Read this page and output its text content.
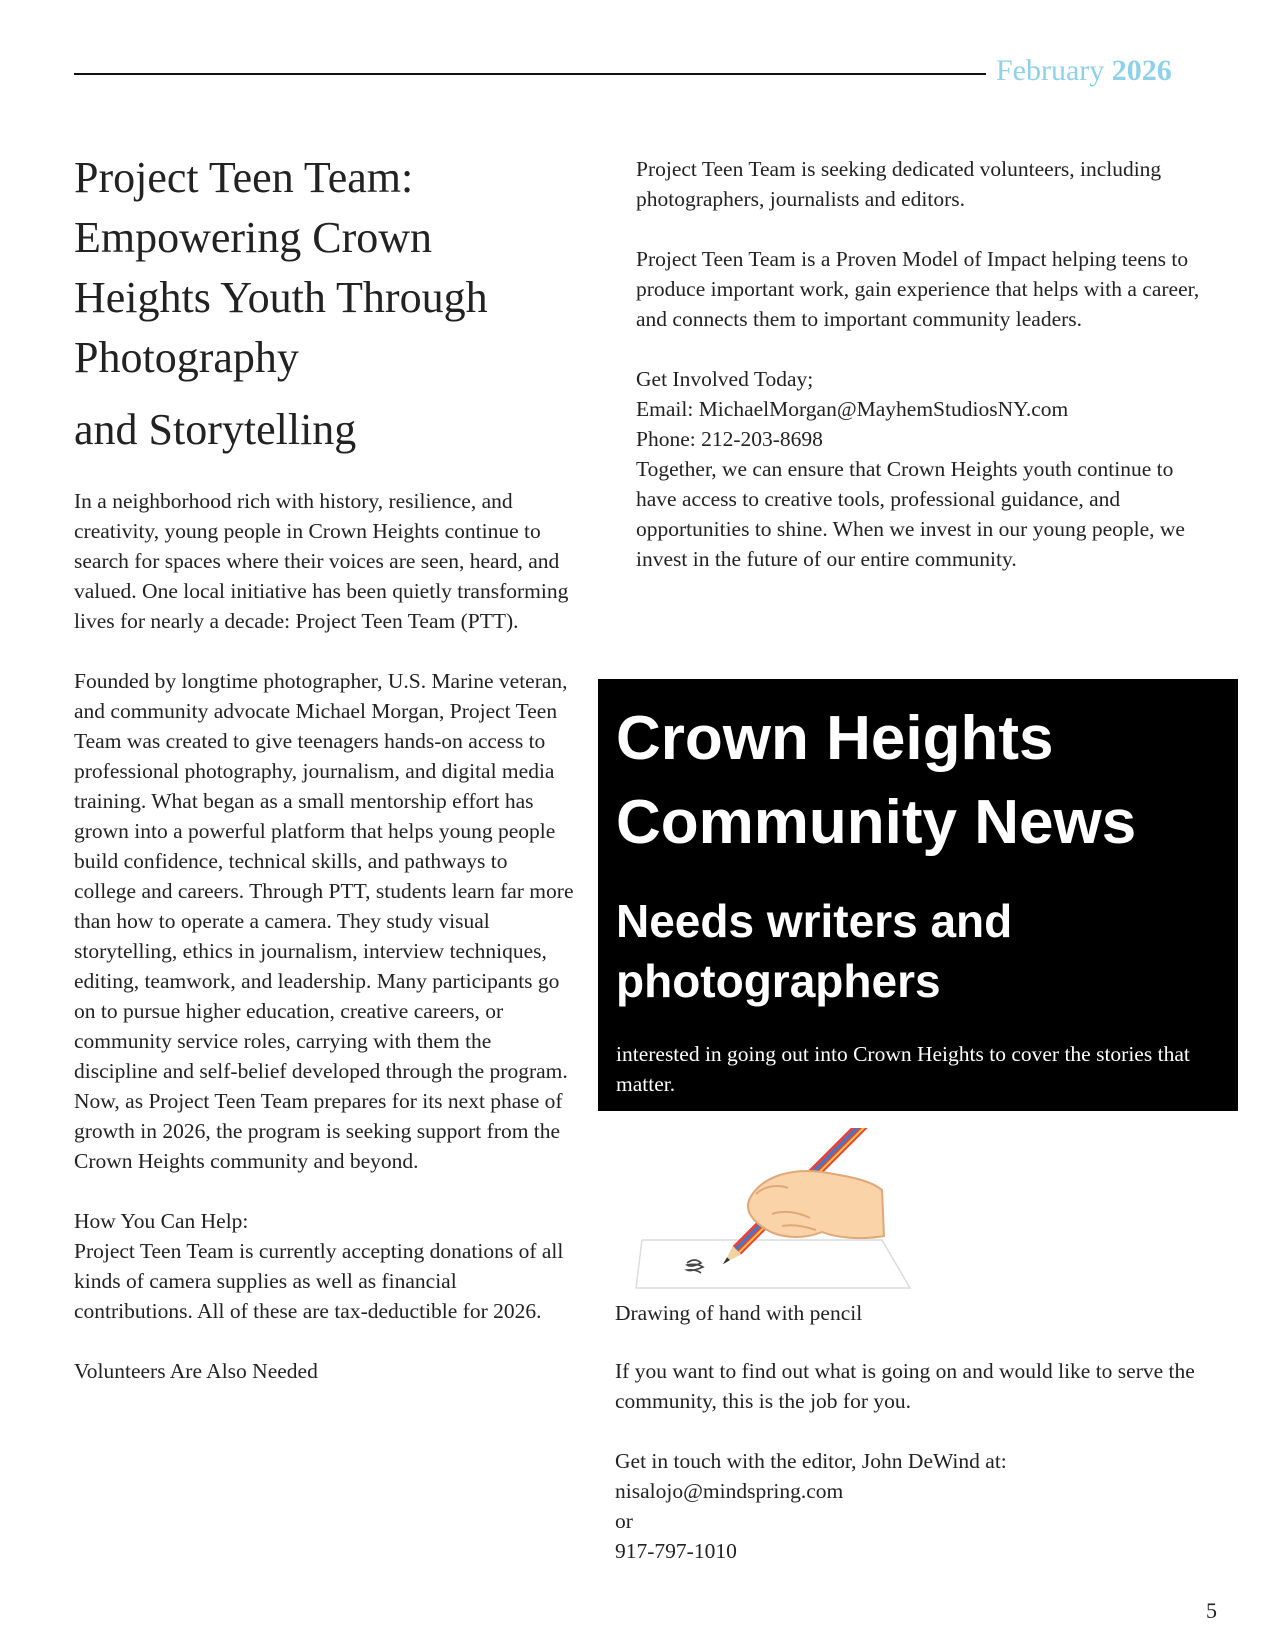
February 2026
Project Teen Team: Empowering Crown Heights Youth Through Photography
and Storytelling

In a neighborhood rich with history, resilience, and creativity, young people in Crown Heights continue to search for spaces where their voices are seen, heard, and valued. One local initiative has been quietly transforming lives for nearly a decade: Project Teen Team (PTT).

Founded by longtime photographer, U.S. Marine veteran, and community advocate Michael Morgan, Project Teen Team was created to give teenagers hands-on access to professional photography, journalism, and digital media training. What began as a small mentorship effort has grown into a powerful platform that helps young people build confidence, technical skills, and pathways to college and careers. Through PTT, students learn far more than how to operate a camera. They study visual storytelling, ethics in journalism, interview techniques, editing, teamwork, and leadership. Many participants go on to pursue higher education, creative careers, or community service roles, carrying with them the discipline and self-belief developed through the program. Now, as Project Teen Team prepares for its next phase of growth in 2026, the program is seeking support from the Crown Heights community and beyond.

How You Can Help:
Project Teen Team is currently accepting donations of all kinds of camera supplies as well as financial contributions. All of these are tax-deductible for 2026.

Volunteers Are Also Needed

Project Teen Team is seeking dedicated volunteers, including photographers, journalists and editors.

Project Teen Team is a Proven Model of Impact helping teens to produce important work, gain experience that helps with a career, and connects them to important community leaders.

Get Involved Today;
Email: MichaelMorgan@MayhemStudiosNY.com
Phone: 212-203-8698
Together, we can ensure that Crown Heights youth continue to have access to creative tools, professional guidance, and opportunities to shine. When we invest in our young people, we invest in the future of our entire community.

Crown Heights Community News
Needs writers and photographers

interested in going out into Crown Heights to cover the stories that matter.

Drawing of hand with pencil

If you want to find out what is going on and would like to serve the community, this is the job for you.

Get in touch with the editor, John DeWind at:
nisalojo@mindspring.com
or
917-797-1010

5
